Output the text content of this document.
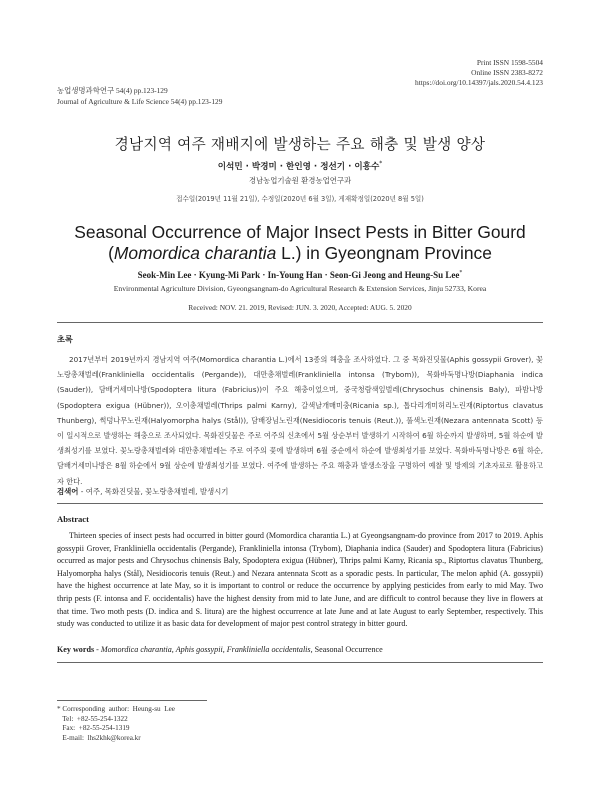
Print ISSN 1598-5504
Online ISSN 2383-8272
https://doi.org/10.14397/jals.2020.54.4.123
농업생명과학연구 54(4) pp.123-129
Journal of Agriculture & Life Science 54(4) pp.123-129
경남지역 여주 재배지에 발생하는 주요 해충 및 발생 양상
이석민 · 박경미 · 한인영 · 정선기 · 이흥수*
경남농업기술원 환경농업연구과
접수일(2019년 11월 21일), 수정일(2020년 6월 3일), 게재확정일(2020년 8월 5일)
Seasonal Occurrence of Major Insect Pests in Bitter Gourd
(Momordica charantia L.) in Gyeongnam Province
Seok-Min Lee · Kyung-Mi Park · In-Young Han · Seon-Gi Jeong and Heung-Su Lee*
Environmental Agriculture Division, Gyeongsangnam-do Agricultural Research & Extension Services, Jinju 52733, Korea
Received: NOV. 21. 2019, Revised: JUN. 3. 2020, Accepted: AUG. 5. 2020
초록
2017년부터 2019년까지 경남지역 여주(Momordica charantia L.)에서 13종의 해충을 조사하였다. 그 중 목화진딧물(Aphis gossypii Grover), 꽃노랑총채벌레(Frankliniella occidentalis (Pergande)), 대만총채벌레(Frankliniella intonsa (Trybom)), 목화바둑명나방(Diaphania indica (Sauder)), 담배거세미나방(Spodoptera litura (Fabricius))이 주요 해충이었으며, 중국청람색잎벌레(Chrysochus chinensis Baly), 파밤나방(Spodoptera exigua (Hübner)), 오이총채벌레(Thrips palmi Karny), 갈색날개매미충(Ricania sp.), 톱다리개미허리노린재(Riptortus clavatus Thunberg), 썩덩나무노린재(Halyomorpha halys (Stål)), 담배장님노린재(Nesidiocoris tenuis (Reut.)), 풀색노린재(Nezara antennata Scott) 등이 일시적으로 발생하는 해충으로 조사되었다. 목화진딧물은 주로 여주의 신초에서 5월 상순부터 발생하기 시작하여 6월 하순까지 발생하며, 5월 하순에 발생최성기를 보였다. 꽃노랑총채벌레와 대만총채벌레는 주로 여주의 꽃에 발생하며 6월 중순에서 하순에 발생최성기를 보였다. 목화바둑명나방은 6월 하순, 담배거세미나방은 8월 하순에서 9월 상순에 발생최성기를 보였다. 여주에 발생하는 주요 해충과 발생소장을 구명하여 예찰 및 방제의 기초자료로 활용하고자 한다.
검색어 - 여주, 목화진딧물, 꽃노랑총채벌레, 발생시기
Abstract
Thirteen species of insect pests had occurred in bitter gourd (Momordica charantia L.) at Gyeongsangnam-do province from 2017 to 2019. Aphis gossypii Grover, Frankliniella occidentalis (Pergande), Frankliniella intonsa (Trybom), Diaphania indica (Sauder) and Spodoptera litura (Fabricius) occurred as major pests and Chrysochus chinensis Baly, Spodoptera exigua (Hübner), Thrips palmi Karny, Ricania sp., Riptortus clavatus Thunberg, Halyomorpha halys (Stål), Nesidiocoris tenuis (Reut.) and Nezara antennata Scott as a sporadic pests. In particular, The melon aphid (A. gossypii) have the highest occurrence at late May, so it is important to control or reduce the occurrence by applying pesticides from early to mid May. Two thrip pests (F. intonsa and F. occidentalis) have the highest density from mid to late June, and are difficult to control because they live in flowers at that time. Two moth pests (D. indica and S. litura) are the highest occurrence at late June and at late August to early September, respectively. This study was conducted to utilize it as basic data for development of major pest control strategy in bitter gourd.
Key words - Momordica charantia, Aphis gossypii, Frankliniella occidentalis, Seasonal Occurrence
* Corresponding  author:  Heung-su  Lee
Tel:  +82-55-254-1322
Fax:  +82-55-254-1319
E-mail:  lhs2khk@korea.kr
